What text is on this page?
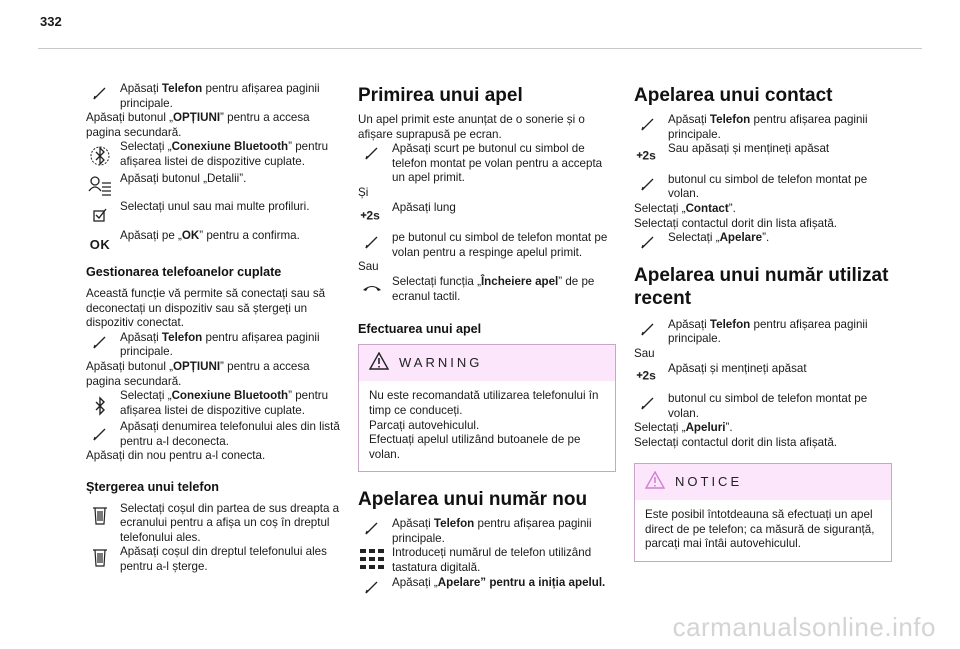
332
Apăsați Telefon pentru afișarea paginii principale.

Apăsați butonul „OPȚIUNI” pentru a accesa pagina secundară.

Selectați „Conexiune Bluetooth” pentru afișarea listei de dispozitive cuplate.
Apăsați butonul „Detalii”.
Selectați unul sau mai multe profiluri.
OK
Apăsați pe „OK” pentru a confirma.
Gestionarea telefoanelor cuplate

Această funcție vă permite să conectați sau să deconectați un dispozitiv sau să ștergeți un dispozitiv conectat.

Apăsați Telefon pentru afișarea paginii principale.

Apăsați butonul „OPȚIUNI” pentru a accesa pagina secundară.

Selectați „Conexiune Bluetooth” pentru afișarea listei de dispozitive cuplate.
Apăsați denumirea telefonului ales din listă pentru a-l deconecta.

Apăsați din nou pentru a-l conecta.

Ștergerea unui telefon
Selectați coșul din partea de sus dreapta a ecranului pentru a afișa un coș în dreptul telefonului ales.
Apăsați coșul din dreptul telefonului ales pentru a-l șterge.
Primirea unui apel

Un apel primit este anunțat de o sonerie și o afișare suprapusă pe ecran.

Apăsați scurt pe butonul cu simbol de telefon montat pe volan pentru a accepta un apel primit.

Și

2s
Apăsați lung
pe butonul cu simbol de telefon montat pe volan pentru a respinge apelul primit.

Sau

Selectați funcția „Încheiere apel” de pe ecranul tactil.
Efectuarea unui apel
WARNING

Nu este recomandată utilizarea telefonului în timp ce conduceți.

Parcați autovehiculul.

Efectuați apelul utilizând butoanele de pe volan.

Apelarea unui număr nou
Apăsați Telefon pentru afișarea paginii principale.
Introduceți numărul de telefon utilizând tastatura digitală.
Apăsați „Apelare” pentru a iniția apelul.
Apelarea unui contact
Apăsați Telefon pentru afișarea paginii principale.
2s
Sau apăsați și mențineți apăsat
butonul cu simbol de telefon montat pe volan.

Selectați „Contact”.

Selectați contactul dorit din lista afișată.

Selectați „Apelare”.
Apelarea unui număr utilizat
recent
Apăsați Telefon pentru afișarea paginii principale.

Sau

2s
Apăsați și mențineți apăsat
butonul cu simbol de telefon montat pe volan.

Selectați „Apeluri”.

Selectați contactul dorit din lista afișată.

NOTICE

Este posibil întotdeauna să efectuați un apel direct de pe telefon; ca măsură de siguranță, parcați mai întâi autovehiculul.

carmanualsonline.info
